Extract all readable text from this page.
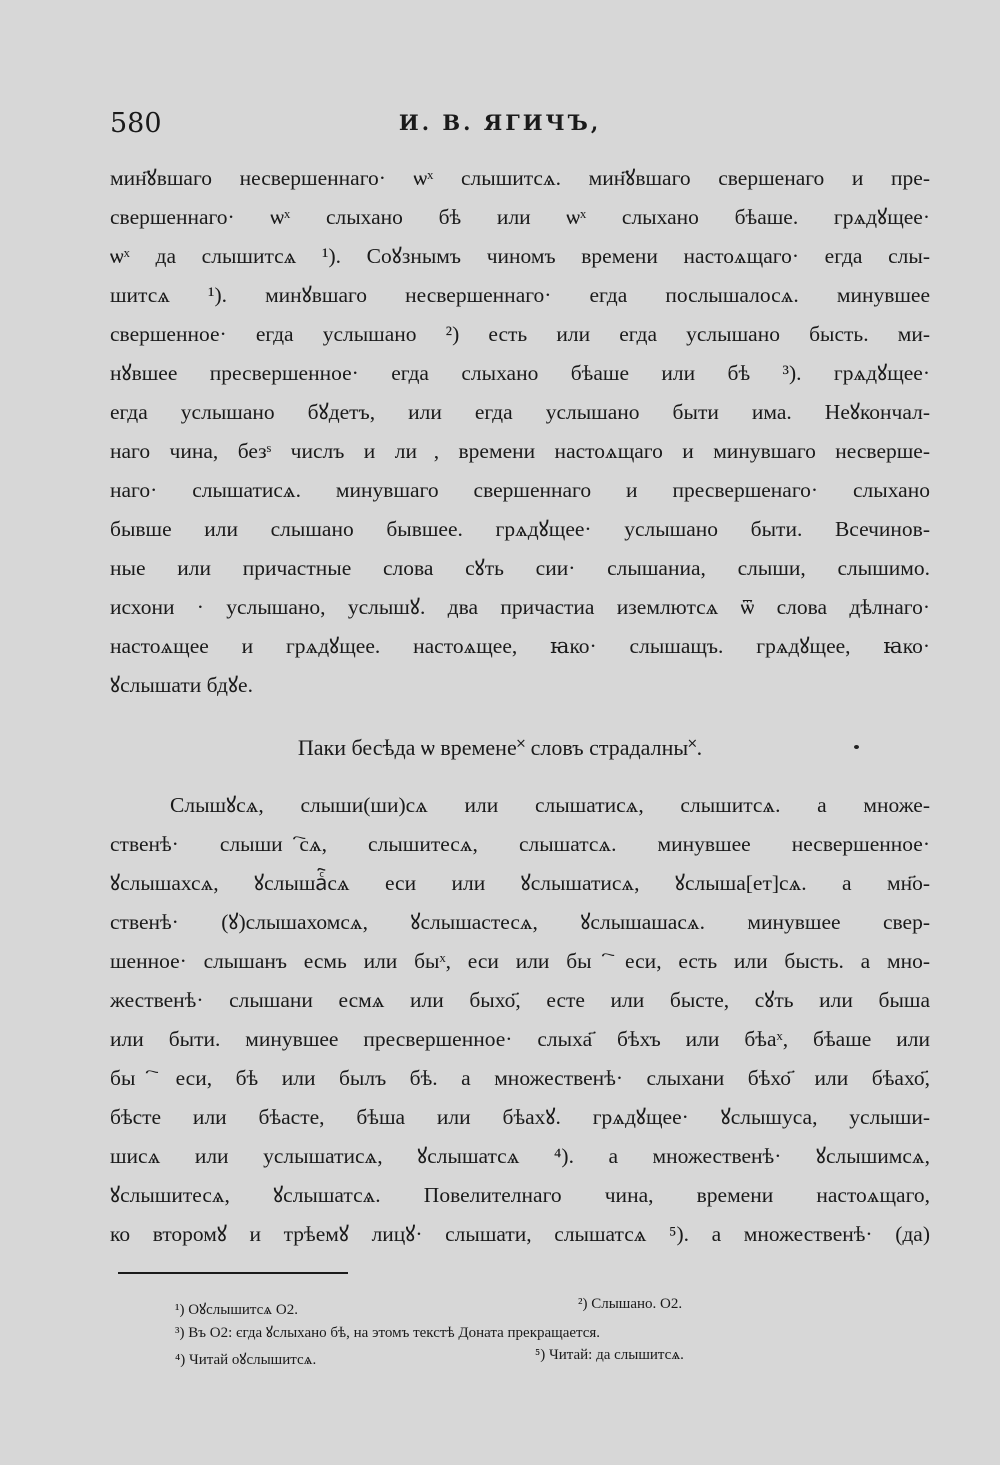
580	И. В. ЯГИЧЪ,
мин҃ꙋвшаго несвершеннаго· ѡˣ слышитсѧ. мин҃ꙋвшаго свершенаго и пре-
свершеннаго· ѡˣ слыхано бѣ или ѡˣ слыхано бѣаше. грѧдꙋщее·
ѡˣ да слышитсѧ ¹). Соꙋзнымъ чиномъ времени настоѧщаго· егда слы-
шитсѧ ¹). минꙋвшаго несвершеннаго· егда послышалосѧ. минувшее
свершенное· егда услышано ²) есть или егда услышано бысть. ми-
нꙋвшее пресвершенное· егда слыхано бѣаше или бѣ ³). грѧдꙋщее·
егда услышано бꙋдетъ, или егда услышано быти има. Неꙋкончал-
наго чина, безˢ числъ и лиⷰ, времени настоѧщаго и минувшаго несверше-
наго· слышатисѧ. минувшаго свершеннаго и пресвершенаго· слыхано
бывше или слышано бывшее. грѧдꙋщее· услышано быти. Всечинов-
ные или причастные слова сꙋть сии· слышаниа, слыши, слышимо.
исхони · услышано, услышꙋ. два причастиа иземлютсѧ ѿ слова дѣлнаго·
настоѧщее и грѧдꙋщее. настоѧщее, ꙗко· слышащъ. грѧдꙋщее, ꙗко·
ꙋслышати бдꙋе.
Паки бесѣда ѡ времене˟ словъ страдалны˟.
Слышꙋсѧ, слыши(ши)сѧ или слышатисѧ, слышитсѧ. а множе-
ственѣ· слышиⷭ҇сѧ, слышитесѧ, слышатсѧ. минувшее несвершенное·
ꙋслышахсѧ, ꙋслышаⷭ҇сѧ еси или ꙋслышатисѧ, ꙋслыша[ет]сѧ. а мн҃о-
ственѣ· (ꙋ)слышахомсѧ, ꙋслышастесѧ, ꙋслышашасѧ. минувшее свер-
шенное· слышанъ есмь или быˣ, еси или быⷭ҇ еси, есть или бысть. а мно-
жественѣ· слышани есмѧ или быхо҃, есте или бысте, сꙋть или быша
или быти. минувшее пресвершенное· слыха҃ бѣхъ или бѣаˣ, бѣаше или
быⷭ҇ еси, бѣ или былъ бѣ. а множественѣ· слыхани бѣхо҃ или бѣахо҃,
бѣсте или бѣасте, бѣша или бѣахꙋ. грѧдꙋщее· ꙋслышуса, услыши-
шисѧ или услышатисѧ, ꙋслышатсѧ ⁴). а множественѣ· ꙋслышимсѧ,
ꙋслышитесѧ, ꙋслышатсѧ. Повелителнаго чина, времени настоѧщаго,
ко второмꙋ и трѣемꙋ лицꙋ· слышати, слышатсѧ ⁵). а множественѣ· (да)
¹) Оꙋслышитсѧ О2.	²) Слышано. О2.
³) Въ О2: єгда ꙋслыхано бѣ, на этомъ текстѣ Доната прекращается.
⁴) Читай оꙋслышитсѧ.	⁵) Читай: да слышитсѧ.
